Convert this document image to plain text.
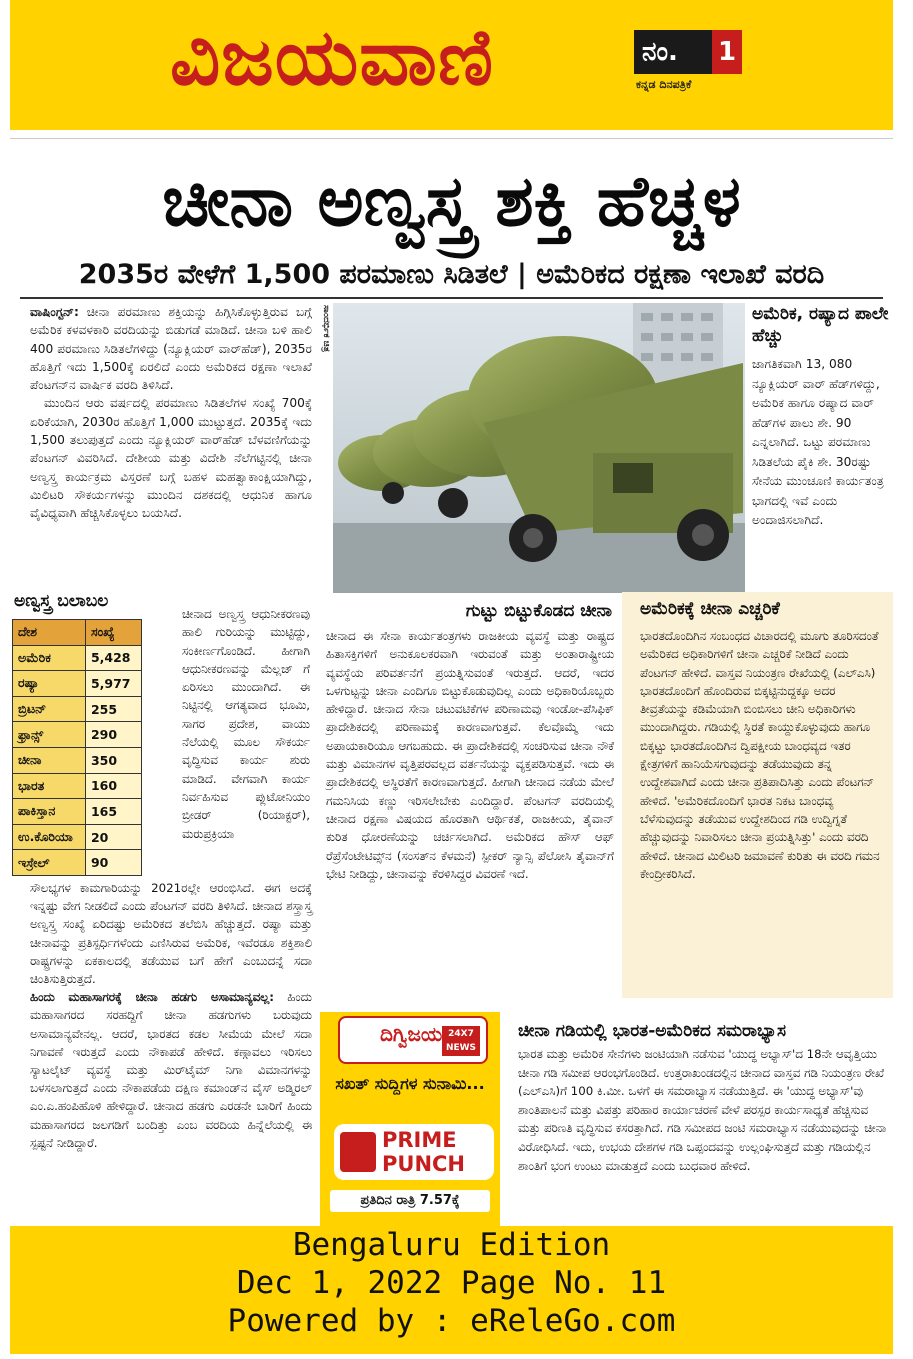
ವಿಜಯವಾಣಿ	ನಂ. 1
ಕನ್ನಡ ದಿನಪತ್ರಿಕೆ
ಚೀನಾ ಅಣ್ವಸ್ತ್ರ ಶಕ್ತಿ ಹೆಚ್ಚಳ
2035ರ ವೇಳೆಗೆ 1,500 ಪರಮಾಣು ಸಿಡಿತಲೆ | ಅಮೆರಿಕದ ರಕ್ಷಣಾ ಇಲಾಖೆ ವರದಿ

ವಾಷಿಂಗ್ಟನ್: ಚೀನಾ ಪರಮಾಣು ಶಕ್ತಿಯನ್ನು ಹಿಗ್ಗಿಸಿಕೊಳ್ಳುತ್ತಿರುವ ಬಗ್ಗೆ ಅಮೆರಿಕ ಕಳವಳಕಾರಿ ವರದಿಯನ್ನು ಬಿಡುಗಡೆ ಮಾಡಿದೆ. ಚೀನಾ ಬಳಿ ಹಾಲಿ 400 ಪರಮಾಣು ಸಿಡಿತಲೆಗಳಿದ್ದು (ನ್ಯೂಕ್ಲಿಯರ್ ವಾರ್‌ಹೆಡ್), 2035ರ ಹೊತ್ತಿಗೆ ಇದು 1,500ಕ್ಕೆ ಏರಲಿದೆ ಎಂದು ಅಮೆರಿಕದ ರಕ್ಷಣಾ ಇಲಾಖೆ ಪೆಂಟಗನ್‌ನ ವಾರ್ಷಿಕ ವರದಿ ತಿಳಿಸಿದೆ.

ಮುಂದಿನ ಆರು ವರ್ಷದಲ್ಲಿ ಪರಮಾಣು ಸಿಡಿತಲೆಗಳ ಸಂಖ್ಯೆ 700ಕ್ಕೆ ಏರಿಕೆಯಾಗಿ, 2030ರ ಹೊತ್ತಿಗೆ 1,000 ಮುಟ್ಟುತ್ತದೆ. 2035ಕ್ಕೆ ಇದು 1,500 ತಲುಪುತ್ತದೆ ಎಂದು ನ್ಯೂಕ್ಲಿಯರ್ ವಾರ್‌ಹೆಡ್ ಬೆಳವಣಿಗೆಯನ್ನು ಪೆಂಟಗನ್ ವಿವರಿಸಿದೆ. ದೇಶೀಯ ಮತ್ತು ವಿದೇಶಿ ನೆಲೆಗಟ್ಟಿನಲ್ಲಿ ಚೀನಾ ಅಣ್ವಸ್ತ್ರ ಕಾರ್ಯಕ್ರಮ ವಿಸ್ತರಣೆ ಬಗ್ಗೆ ಬಹಳ ಮಹತ್ವಾಕಾಂಕ್ಷಿಯಾಗಿದ್ದು, ಮಿಲಿಟರಿ ಸೌಕರ್ಯಗಳನ್ನು ಮುಂದಿನ ದಶಕದಲ್ಲಿ ಆಧುನಿಕ ಹಾಗೂ ವೈವಿಧ್ಯವಾಗಿ ಹೆಚ್ಚಿಸಿಕೊಳ್ಳಲು ಬಯಸಿದೆ.

ಸಾಂದರ್ಭಿಕ ಚಿತ್ರ	ಅಮೆರಿಕ, ರಷ್ಯಾದ ಪಾಲೇ ಹೆಚ್ಚು
ಜಾಗತಿಕವಾಗಿ 13, 080 ನ್ಯೂಕ್ಲಿಯರ್ ವಾರ್ ಹೆಡ್‌ಗಳಿದ್ದು, ಅಮೆರಿಕ ಹಾಗೂ ರಷ್ಯಾದ ವಾರ್ ಹೆಡ್‌ಗಳ ಪಾಲು ಶೇ. 90 ಎನ್ನಲಾಗಿದೆ. ಒಟ್ಟು ಪರಮಾಣು ಸಿಡಿತಲೆಯ ಪೈಕಿ ಶೇ. 30ರಷ್ಟು ಸೇನೆಯ ಮುಂಚೂಣಿ ಕಾರ್ಯತಂತ್ರ ಭಾಗದಲ್ಲಿ ಇವೆ ಎಂದು ಅಂದಾಜಿಸಲಾಗಿದೆ.
ಅಣ್ವಸ್ತ್ರ ಬಲಾಬಲ
ದೇಶ	ಸಂಖ್ಯೆ
ಅಮೆರಿಕ	5,428
ರಷ್ಯಾ	5,977
ಬ್ರಿಟನ್	255
ಫ್ರಾನ್ಸ್	290
ಚೀನಾ	350
ಭಾರತ	160
ಪಾಕಿಸ್ತಾನ	165
ಉ.ಕೊರಿಯಾ	20
ಇಸ್ರೇಲ್	90
ಚೀನಾದ ಅಣ್ವಸ್ತ್ರ ಆಧುನೀಕರಣವು ಹಾಲಿ ಗುರಿಯನ್ನು ಮುಟ್ಟಿದ್ದು, ಸಂಕೀರ್ಣಗೊಂಡಿದೆ. ಹೀಗಾಗಿ ಆಧುನೀಕರಣವನ್ನು ಮೆಲ್ಲಜ್ ಗೆ ಏರಿಸಲು ಮುಂದಾಗಿದೆ. ಈ ನಿಟ್ಟಿನಲ್ಲಿ ಆಗತ್ಯವಾದ ಭೂಮಿ, ಸಾಗರ ಪ್ರದೇಶ, ವಾಯು ನೆಲೆಯಲ್ಲಿ ಮೂಲ ಸೌಕರ್ಯ ವೃದ್ಧಿಸುವ ಕಾರ್ಯ ಶುರು ಮಾಡಿದೆ. ವೇಗವಾಗಿ ಕಾರ್ಯ ನಿರ್ವಹಿಸುವ ಪ್ಲುಟೋನಿಯಂ ಬ್ರೀಡರ್ (ರಿಯಾಕ್ಟರ್), ಮರುಪ್ರಕ್ರಿಯಾ

ಸೌಲಭ್ಯಗಳ ಕಾಮಗಾರಿಯನ್ನು 2021ರಲ್ಲೇ ಆರಂಭಿಸಿದೆ. ಈಗ ಅದಕ್ಕೆ ಇನ್ನಷ್ಟು ವೇಗ ನೀಡಲಿದೆ ಎಂದು ಪೆಂಟಗನ್ ವರದಿ ತಿಳಿಸಿದೆ. ಚೀನಾದ ಶಸ್ತ್ರಾಸ್ತ್ರ ಅಣ್ವಸ್ತ್ರ ಸಂಖ್ಯೆ ಏರಿದಷ್ಟು ಅಮೆರಿಕದ ತಲೆಬಿಸಿ ಹೆಚ್ಚುತ್ತದೆ. ರಷ್ಯಾ ಮತ್ತು ಚೀನಾವನ್ನು ಪ್ರತಿಸ್ಪರ್ಧಿಗಳೆಂದು ಎಣಿಸಿರುವ ಅಮೆರಿಕ, ಇವೆರಡೂ ಶಕ್ತಿಶಾಲಿ ರಾಷ್ಟ್ರಗಳನ್ನು ಏಕಕಾಲದಲ್ಲಿ ತಡೆಯುವ ಬಗೆ ಹೇಗೆ ಎಂಬುದನ್ನೆ ಸದಾ ಚಿಂತಿಸುತ್ತಿರುತ್ತದೆ.

ಹಿಂದು ಮಹಾಸಾಗರಕ್ಕೆ ಚೀನಾ ಹಡಗು ಅಸಾಮಾನ್ಯವಲ್ಲ: ಹಿಂದು ಮಹಾಸಾಗರದ ಸರಹದ್ದಿಗೆ ಚೀನಾ ಹಡಗುಗಳು ಬರುವುದು ಅಸಾಮಾನ್ಯವೇನಲ್ಲ. ಆದರೆ, ಭಾರತದ ಕಡಲ ಸೀಮೆಯ ಮೇಲೆ ಸದಾ ನಿಗಾವಣೆ ಇರುತ್ತದೆ ಎಂದು ನೌಕಾಪಡೆ ಹೇಳಿದೆ. ಕಣ್ಗಾವಲು ಇರಿಸಲು ಸ್ಯಾಟಲೈಟ್ ವ್ಯವಸ್ಥೆ ಮತ್ತು ಮಿರ್‌ಟೈಮ್ ನಿಗಾ ವಿಮಾನಗಳನ್ನು ಬಳಸಲಾಗುತ್ತದೆ ಎಂದು ನೌಕಾಪಡೆಯ ದಕ್ಷಿಣ ಕಮಾಂಡ್‌ನ ವೈಸ್ ಅಡ್ಮಿರಲ್ ಎಂ.ಎ.ಹಂಪಿಹೊಳಿ ಹೇಳಿದ್ದಾರೆ. ಚೀನಾದ ಹಡಗು ಎರಡನೇ ಬಾರಿಗೆ ಹಿಂದು ಮಹಾಸಾಗರದ ಜಲಗಡಿಗೆ ಬಂದಿತ್ತು ಎಂಬ ವರದಿಯ ಹಿನ್ನೆಲೆಯಲ್ಲಿ ಈ ಸ್ಪಷ್ಟನೆ ನೀಡಿದ್ದಾರೆ.

ಗುಟ್ಟು ಬಿಟ್ಟುಕೊಡದ ಚೀನಾ
ಚೀನಾದ ಈ ಸೇನಾ ಕಾರ್ಯತಂತ್ರಗಳು ರಾಜಕೀಯ ವ್ಯವಸ್ಥೆ ಮತ್ತು ರಾಷ್ಟ್ರದ ಹಿತಾಸಕ್ತಿಗಳಿಗೆ ಅನುಕೂಲಕರವಾಗಿ ಇರುವಂತೆ ಮತ್ತು ಅಂತಾರಾಷ್ಟ್ರೀಯ ವ್ಯವಸ್ಥೆಯ ಪರಿವರ್ತನೆಗೆ ಪ್ರಯತ್ನಿಸುವಂತೆ ಇರುತ್ತದೆ. ಆದರೆ, ಇದರ ಒಳಗುಟ್ಟನ್ನು ಚೀನಾ ಎಂದಿಗೂ ಬಿಟ್ಟುಕೊಡುವುದಿಲ್ಲ ಎಂದು ಅಧಿಕಾರಿಯೊಬ್ಬರು ಹೇಳಿದ್ದಾರೆ. ಚೀನಾದ ಸೇನಾ ಚಟುವಟಿಕೆಗಳ ಪರಿಣಾಮವು ಇಂಡೋ-ಪೆಸಿಫಿಕ್ ಪ್ರಾದೇಶಿಕದಲ್ಲಿ ಪರಿಣಾಮಕ್ಕೆ ಕಾರಣವಾಗುತ್ತವೆ. ಕೆಲವೊಮ್ಮೆ ಇದು ಅಪಾಯಕಾರಿಯೂ ಆಗಬಹುದು. ಈ ಪ್ರಾದೇಶಿಕದಲ್ಲಿ ಸಂಚರಿಸುವ ಚೀನಾ ನೌಕೆ ಮತ್ತು ವಿಮಾನಗಳ ವೃತ್ತಿಪರವಲ್ಲದ ವರ್ತನೆಯನ್ನು ವ್ಯಕ್ತಪಡಿಸುತ್ತವೆ. ಇದು ಈ ಪ್ರಾದೇಶಿಕದಲ್ಲಿ ಅಸ್ಥಿರತೆಗೆ ಕಾರಣವಾಗುತ್ತದೆ. ಹೀಗಾಗಿ ಚೀನಾದ ನಡೆಯ ಮೇಲೆ ಗಮನಿಸಿಯ ಕಣ್ಣು ಇರಿಸಲೇಬೇಕು ಎಂದಿದ್ದಾರೆ. ಪೆಂಟಗನ್ ವರದಿಯಲ್ಲಿ ಚೀನಾದ ರಕ್ಷಣಾ ವಿಷಯದ ಹೊರತಾಗಿ ಆರ್ಥಿಕತೆ, ರಾಜಕೀಯ, ತೈವಾನ್ ಕುರಿತ ಧೋರಣೆಯನ್ನು ಚರ್ಚಿಸಲಾಗಿದೆ. ಅಮೆರಿಕದ ಹೌಸ್ ಆಫ್ ರೆಪ್ರೆಸೆಂಟೇಟಿವ್ಸ್‌ನ (ಸಂಸತ್‌ನ ಕೆಳಮನೆ) ಸ್ಪೀಕರ್ ನ್ಯಾನ್ಸಿ ಪೆಲೋಸಿ ತೈವಾನ್‌ಗೆ ಭೇಟಿ ನೀಡಿದ್ದು, ಚೀನಾವನ್ನು ಕೆರಳಿಸಿದ್ದರ ವಿವರಣೆ ಇದೆ.
ಅಮೆರಿಕಕ್ಕೆ ಚೀನಾ ಎಚ್ಚರಿಕೆ
ಭಾರತದೊಂದಿಗಿನ ಸಂಬಂಧದ ವಿಚಾರದಲ್ಲಿ ಮೂಗು ತೂರಿಸದಂತೆ ಅಮೆರಿಕದ ಅಧಿಕಾರಿಗಳಿಗೆ ಚೀನಾ ಎಚ್ಚರಿಕೆ ನೀಡಿದೆ ಎಂದು ಪೆಂಟಗನ್ ಹೇಳಿದೆ. ವಾಸ್ತವ ನಿಯಂತ್ರಣ ರೇಖೆಯಲ್ಲಿ (ಎಲ್‌ಎಸಿ) ಭಾರತದೊಂದಿಗೆ ಹೊಂದಿರುವ ಬಿಕ್ಕಟ್ಟಿನುದ್ದಕ್ಕೂ ಅದರ ತೀವ್ರತೆಯನ್ನು ಕಡಿಮೆಯಾಗಿ ಬಿಂಬಿಸಲು ಚೀನಿ ಅಧಿಕಾರಿಗಳು ಮುಂದಾಗಿದ್ದರು. ಗಡಿಯಲ್ಲಿ ಸ್ಥಿರತೆ ಕಾಯ್ದುಕೊಳ್ಳುವುದು ಹಾಗೂ ಬಿಕ್ಕಟ್ಟು ಭಾರತದೊಂದಿಗಿನ ದ್ವಿಪಕ್ಷೀಯ ಬಾಂಧವ್ಯದ ಇತರ ಕ್ಷೇತ್ರಗಳಿಗೆ ಹಾನಿಯೆಸಗುವುದನ್ನು ತಡೆಯುವುದು ತನ್ನ ಉದ್ದೇಶವಾಗಿದೆ ಎಂದು ಚೀನಾ ಪ್ರತಿಪಾದಿಸಿತ್ತು ಎಂದು ಪೆಂಟಗನ್ ಹೇಳಿದೆ. 'ಅಮೆರಿಕದೊಂದಿಗೆ ಭಾರತ ನಿಕಟ ಬಾಂಧವ್ಯ ಬೆಳೆಸುವುದನ್ನು ತಡೆಯುವ ಉದ್ದೇಶದಿಂದ ಗಡಿ ಉದ್ವಿಗ್ನತೆ ಹೆಚ್ಚುವುದನ್ನು ನಿವಾರಿಸಲು ಚೀನಾ ಪ್ರಯತ್ನಿಸಿತ್ತು' ಎಂದು ವರದಿ ಹೇಳಿದೆ. ಚೀನಾದ ಮಿಲಿಟರಿ ಜಮಾವಣೆ ಕುರಿತು ಈ ವರದಿ ಗಮನ ಕೇಂದ್ರೀಕರಿಸಿದೆ.
ದಿಗ್ವಿಜಯ 24X7 NEWS
ಸಖತ್ ಸುದ್ದಿಗಳ ಸುನಾಮಿ...
PRIME
PUNCH
ಪ್ರತಿದಿನ ರಾತ್ರಿ 7.57ಕ್ಕೆ
ಚೀನಾ ಗಡಿಯಲ್ಲಿ ಭಾರತ-ಅಮೆರಿಕದ ಸಮರಾಭ್ಯಾಸ
ಭಾರತ ಮತ್ತು ಅಮೆರಿಕ ಸೇನೆಗಳು ಜಂಟಿಯಾಗಿ ನಡೆಸುವ 'ಯುದ್ಧ ಅಭ್ಯಾಸ್'ದ 18ನೇ ಆವೃತ್ತಿಯು ಚೀನಾ ಗಡಿ ಸಮೀಪ ಆರಂಭಗೊಂಡಿದೆ. ಉತ್ತರಾಖಂಡದಲ್ಲಿನ ಚೀನಾದ ವಾಸ್ತವ ಗಡಿ ನಿಯಂತ್ರಣ ರೇಖೆ (ಎಲ್‌ಎಸಿ)ಗೆ 100 ಕಿ.ಮೀ. ಒಳಗೆ ಈ ಸಮರಾಭ್ಯಾಸ ನಡೆಯುತ್ತಿದೆ. ಈ 'ಯುದ್ಧ ಅಭ್ಯಾಸ್'ವು ಶಾಂತಿಪಾಲನೆ ಮತ್ತು ವಿಪತ್ತು ಪರಿಹಾರ ಕಾರ್ಯಾಚರಣೆ ವೇಳೆ ಪರಸ್ಪರ ಕಾರ್ಯಸಾಧ್ಯತೆ ಹೆಚ್ಚಿಸುವ ಮತ್ತು ಪರಿಣತಿ ವೃದ್ಧಿಸುವ ಕಸರತ್ತಾಗಿದೆ. ಗಡಿ ಸಮೀಪದ ಜಂಟಿ ಸಮರಾಭ್ಯಾಸ ನಡೆಯುವುದನ್ನು ಚೀನಾ ವಿರೋಧಿಸಿದೆ. ಇದು, ಉಭಯ ದೇಶಗಳ ಗಡಿ ಒಪ್ಪಂದವನ್ನು ಉಲ್ಲಂಘಿಸುತ್ತದೆ ಮತ್ತು ಗಡಿಯಲ್ಲಿನ ಶಾಂತಿಗೆ ಭಂಗ ಉಂಟು ಮಾಡುತ್ತದೆ ಎಂದು ಬುಧವಾರ ಹೇಳಿದೆ.
Bengaluru Edition
Dec 1, 2022 Page No. 11
Powered by : eReleGo.com
